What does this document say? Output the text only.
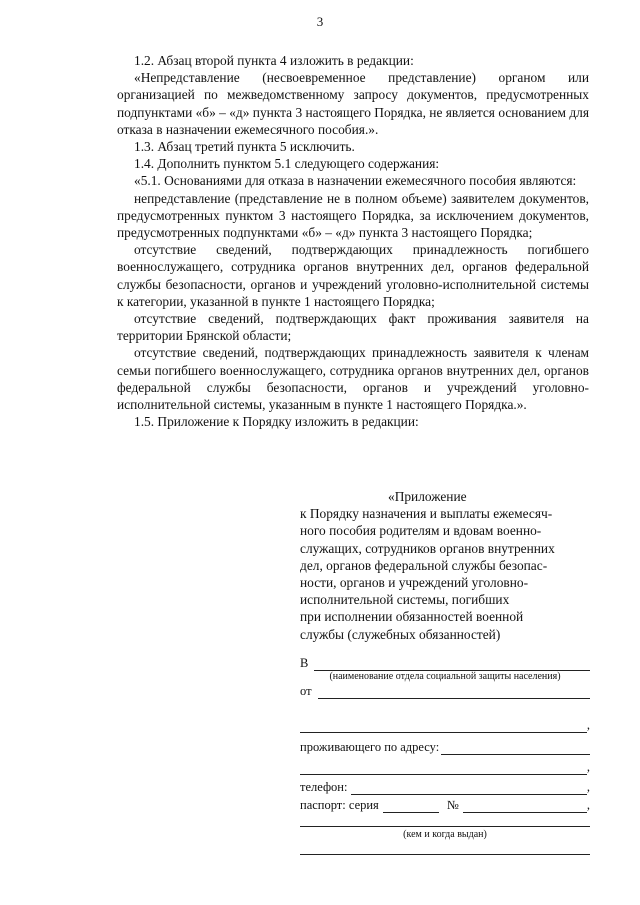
3

1.2. Абзац второй пункта 4 изложить в редакции:

«Непредставление (несвоевременное представление) органом или организацией по межведомственному запросу документов, предусмотренных подпунктами «б» – «д» пункта 3 настоящего Порядка, не является основанием для отказа в назначении ежемесячного пособия.».

1.3. Абзац третий пункта 5 исключить.

1.4. Дополнить пунктом 5.1 следующего содержания:

«5.1. Основаниями для отказа в назначении ежемесячного пособия являются:

непредставление (представление не в полном объеме) заявителем документов, предусмотренных пунктом 3 настоящего Порядка, за исключением документов, предусмотренных подпунктами «б» – «д» пункта 3 настоящего Порядка;

отсутствие сведений, подтверждающих принадлежность погибшего военнослужащего, сотрудника органов внутренних дел, органов федеральной службы безопасности, органов и учреждений уголовно-исполнительной системы к категории, указанной в пункте 1 настоящего Порядка;

отсутствие сведений, подтверждающих факт проживания заявителя на территории Брянской области;

отсутствие сведений, подтверждающих принадлежность заявителя к членам семьи погибшего военнослужащего, сотрудника органов внутренних дел, органов федеральной службы безопасности, органов и учреждений уголовно-исполнительной системы, указанным в пункте 1 настоящего Порядка.».

1.5. Приложение к Порядку изложить в редакции:

«Приложение
к Порядку назначения и выплаты ежемесяч-
ного пособия родителям и вдовам военно-
служащих, сотрудников органов внутренних
дел, органов федеральной службы безопас-
ности, органов и учреждений уголовно-
исполнительной системы, погибших
при исполнении обязанностей военной
службы (служебных обязанностей)
В
(наименование отдела социальной защиты населения)
от
,
проживающего по адресу:
,
телефон:	,
паспорт: серия	№	,
(кем и когда выдан)
